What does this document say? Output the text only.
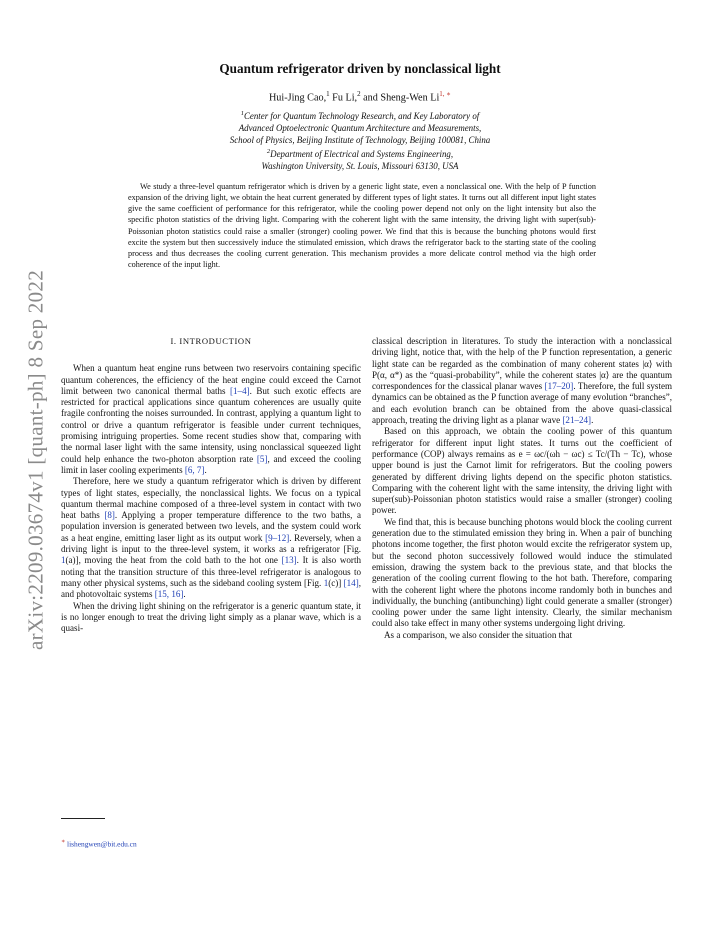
arXiv:2209.03674v1 [quant-ph] 8 Sep 2022
Quantum refrigerator driven by nonclassical light
Hui-Jing Cao,$^1$ Fu Li,$^2$ and Sheng-Wen $Li^{1, ∗}$
$^1$Center for Quantum Technology Research, and Key Laboratory of
Advanced Optoelectronic Quantum Architecture and Measurements,
School of Physics, Beijing Institute of Technology, Beijing 100081, China
$^2$Department of Electrical and Systems Engineering,
Washington University, St. Louis, Missouri 63130, USA
We study a three-level quantum refrigerator which is driven by a generic light state, even a nonclassical one. With the help of P function expansion of the driving light, we obtain the heat current generated by different types of light states. It turns out all different input light states give the same coefficient of performance for this refrigerator, while the cooling power depend not only on the light intensity but also the specific photon statistics of the driving light. Comparing with the coherent light with the same intensity, the driving light with super(sub)-Poissonian photon statistics could raise a smaller (stronger) cooling power. We find that this is because the bunching photons would first excite the system but then successively induce the stimulated emission, which draws the refrigerator back to the starting state of the cooling process and thus decreases the cooling current generation. This mechanism provides a more delicate control method via the high order coherence of the input light.
I. INTRODUCTION

When a quantum heat engine runs between two reservoirs containing specific quantum coherences, the efficiency of the heat engine could exceed the Carnot limit between two canonical thermal baths [1–4]. But such exotic effects are restricted for practical applications since quantum coherences are usually quite fragile confronting the noises surrounded. In contrast, applying a quantum light to control or drive a quantum refrigerator is feasible under current techniques, promising intriguing properties. Some recent studies show that, comparing with the normal laser light with the same intensity, using nonclassical squeezed light could help enhance the two-photon absorption rate [5], and exceed the cooling limit in laser cooling experiments [6, 7].

Therefore, here we study a quantum refrigerator which is driven by different types of light states, especially, the nonclassical lights. We focus on a typical quantum thermal machine composed of a three-level system in contact with two heat baths [8]. Applying a proper temperature difference to the two baths, a population inversion is generated between two levels, and the system could work as a heat engine, emitting laser light as its output work [9–12]. Reversely, when a driving light is input to the three-level system, it works as a refrigerator [Fig. 1(a)], moving the heat from the cold bath to the hot one [13]. It is also worth noting that the transition structure of this three-level refrigerator is analogous to many other physical systems, such as the sideband cooling system [Fig. 1(c)] [14], and photovoltaic systems [15, 16].

When the driving light shining on the refrigerator is a generic quantum state, it is no longer enough to treat the driving light simply as a planar wave, which is a quasi-

classical description in literatures. To study the interaction with a nonclassical driving light, notice that, with the help of the P function representation, a generic light state can be regarded as the combination of many coherent states |α⟩ with P(α, α*) as the “quasi-probability”, while the coherent states |α⟩ are the quantum correspondences for the classical planar waves [17–20]. Therefore, the full system dynamics can be obtained as the P function average of many evolution “branches”, and each evolution branch can be obtained from the above quasi-classical approach, treating the driving light as a planar wave [21–24].

Based on this approach, we obtain the cooling power of this quantum refrigerator for different input light states. It turns out the coefficient of performance (COP) always remains as e = ωc/(ωh − ωc) ≤ Tc/(Th − Tc), whose upper bound is just the Carnot limit for refrigerators. But the cooling powers generated by different driving lights depend on the specific photon statistics. Comparing with the coherent light with the same intensity, the driving light with super(sub)-Poissonian photon statistics would raise a smaller (stronger) cooling power.

We find that, this is because bunching photons would block the cooling current generation due to the stimulated emission they bring in. When a pair of bunching photons income together, the first photon would excite the refrigerator system up, but the second photon successively followed would induce the stimulated emission, drawing the system back to the previous state, and that blocks the generation of the cooling current flowing to the hot bath. Therefore, comparing with the coherent light where the photons income randomly both in bunches and individually, the bunching (antibunching) light could generate a smaller (stronger) cooling power under the same light intensity. Clearly, the similar mechanism could also take effect in many other systems undergoing light driving.

As a comparison, we also consider the situation that

∗ lishengwen@bit.edu.cn
